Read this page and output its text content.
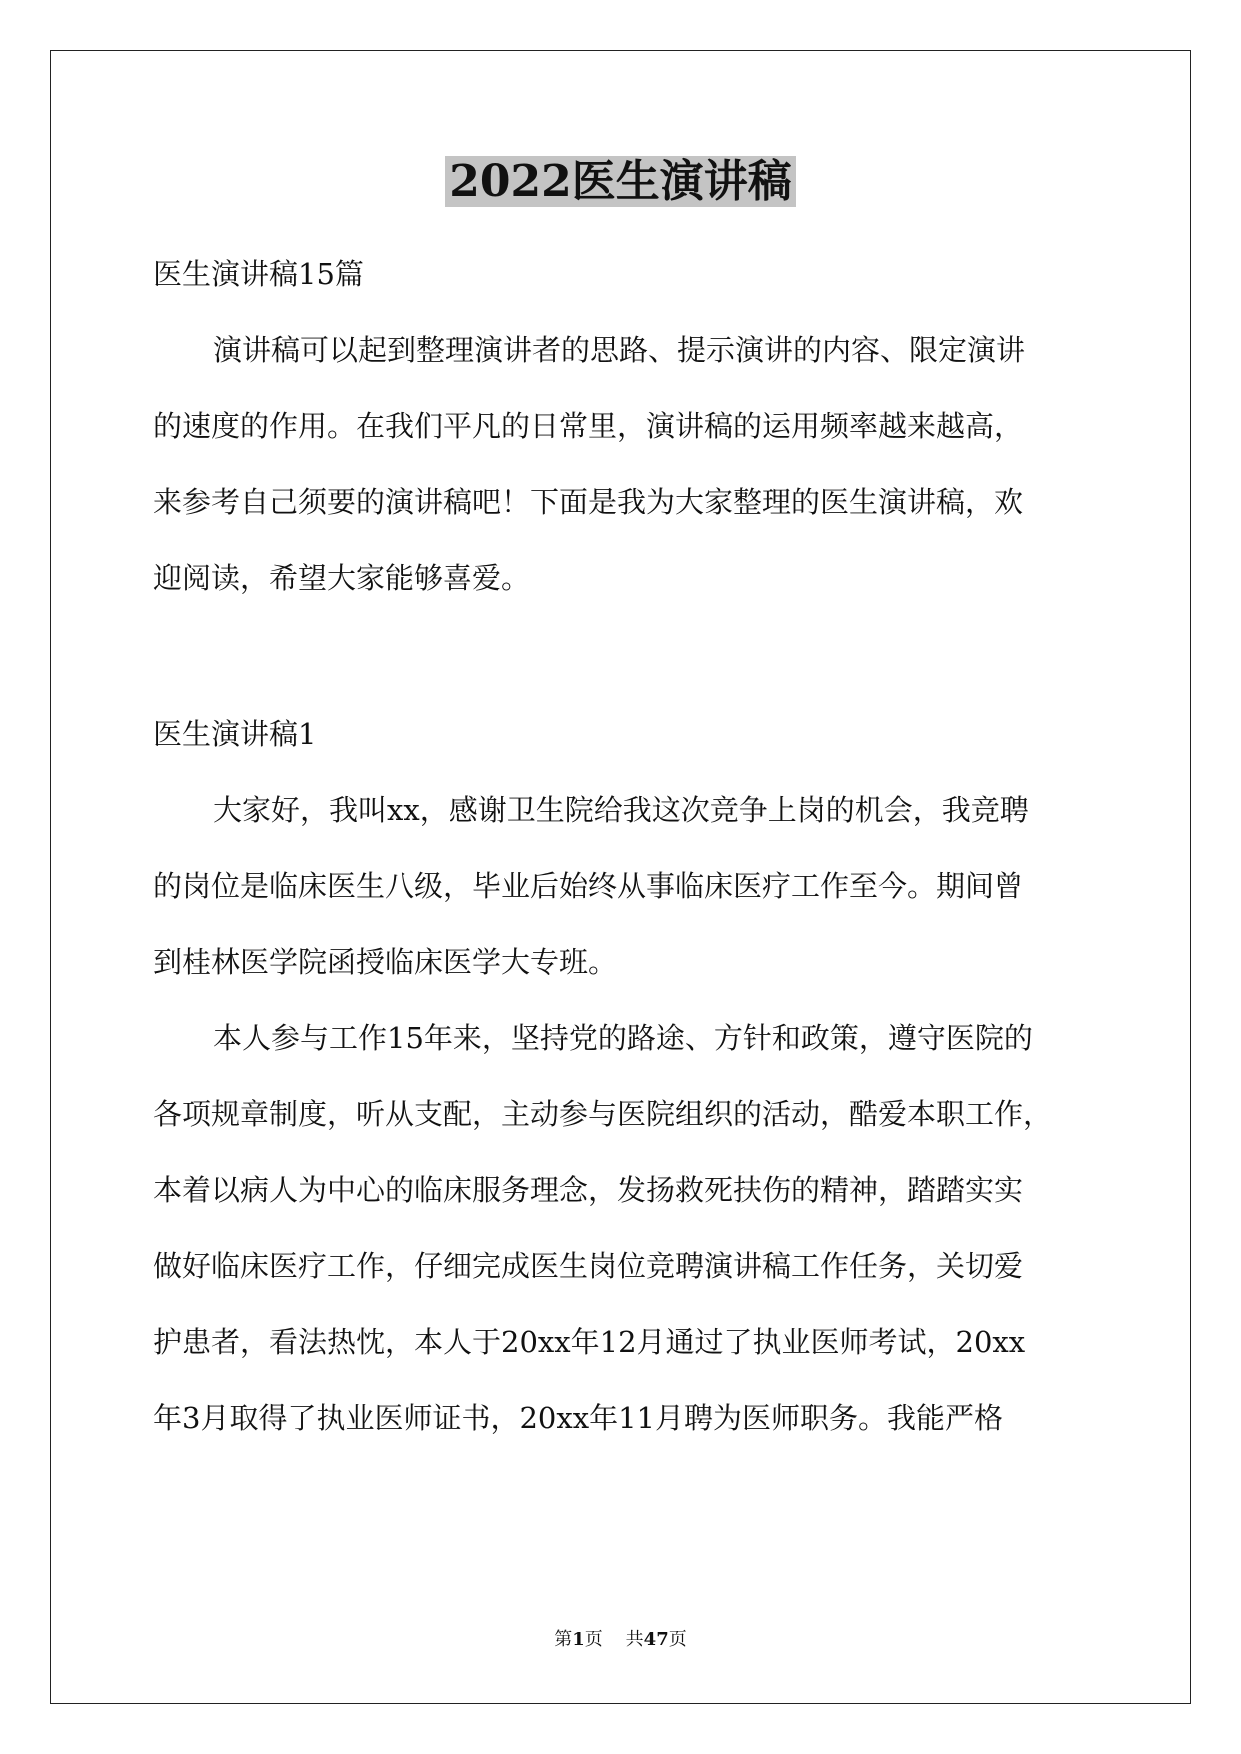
2022医生演讲稿

医生演讲稿15篇

演讲稿可以起到整理演讲者的思路、提示演讲的内容、限定演讲

的速度的作用。在我们平凡的日常里，演讲稿的运用频率越来越高，

来参考自己须要的演讲稿吧！下面是我为大家整理的医生演讲稿，欢

迎阅读，希望大家能够喜爱。

医生演讲稿1

大家好，我叫xx，感谢卫生院给我这次竞争上岗的机会，我竞聘

的岗位是临床医生八级，毕业后始终从事临床医疗工作至今。期间曾

到桂林医学院函授临床医学大专班。

本人参与工作15年来，坚持党的路途、方针和政策，遵守医院的

各项规章制度，听从支配，主动参与医院组织的活动，酷爱本职工作，

本着以病人为中心的临床服务理念，发扬救死扶伤的精神，踏踏实实

做好临床医疗工作，仔细完成医生岗位竞聘演讲稿工作任务，关切爱

护患者，看法热忱，本人于20xx年12月通过了执业医师考试，20xx

年3月取得了执业医师证书，20xx年11月聘为医师职务。我能严格

第1页 共47页
